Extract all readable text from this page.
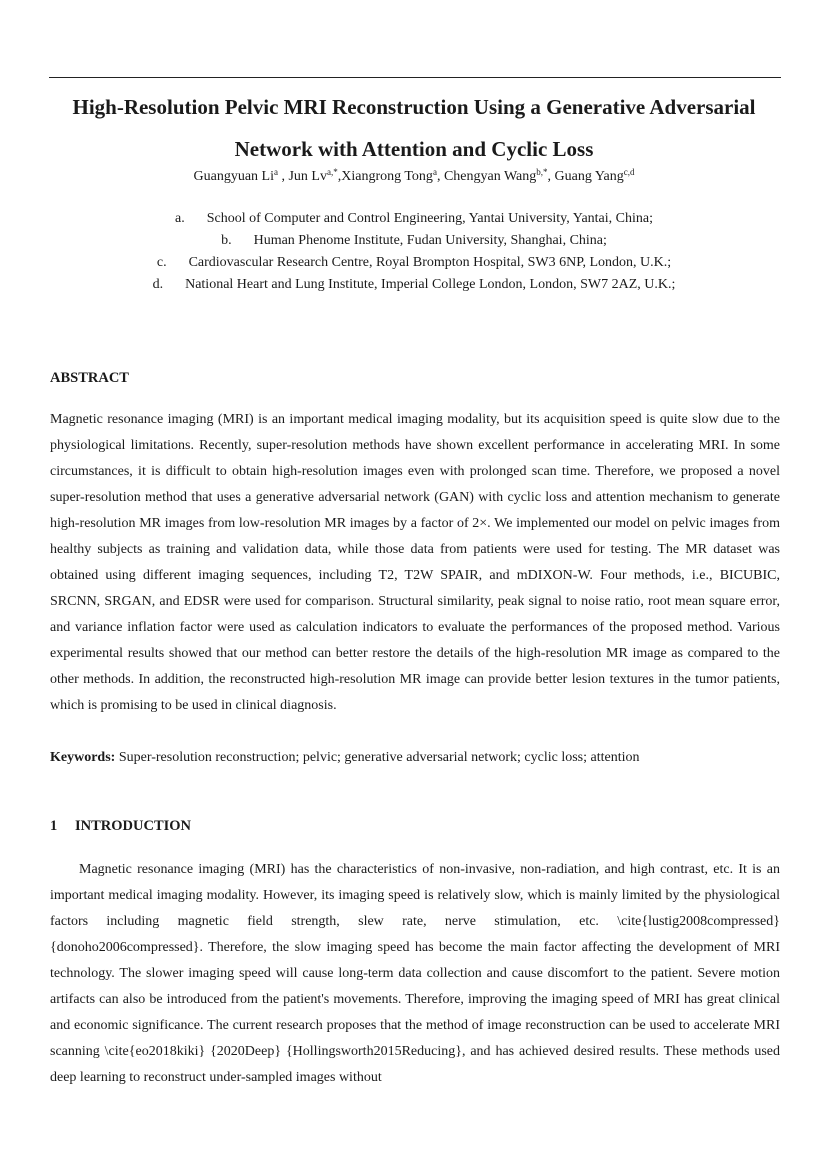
High-Resolution Pelvic MRI Reconstruction Using a Generative Adversarial
Network with Attention and Cyclic Loss
Guangyuan Li$^a$ , Jun $Lv^{a,*},Xiangrong$ Tong$^a$, Chengyan Wang$^{b,*}$, Guang Yang$^{c,d}$
a. School of Computer and Control Engineering, Yantai University, Yantai, China;
b. Human Phenome Institute, Fudan University, Shanghai, China;
c. Cardiovascular Research Centre, Royal Brompton Hospital, SW3 6NP, London, U.K.;
d. National Heart and Lung Institute, Imperial College London, London, SW7 2AZ, U.K.;
ABSTRACT

Magnetic resonance imaging (MRI) is an important medical imaging modality, but its acquisition speed is quite slow due to the physiological limitations. Recently, super-resolution methods have shown excellent performance in accelerating MRI. In some circumstances, it is difficult to obtain high-resolution images even with prolonged scan time. Therefore, we proposed a novel super-resolution method that uses a generative adversarial network (GAN) with cyclic loss and attention mechanism to generate high-resolution MR images from low-resolution MR images by a factor of 2×. We implemented our model on pelvic images from healthy subjects as training and validation data, while those data from patients were used for testing. The MR dataset was obtained using different imaging sequences, including T2, T2W SPAIR, and mDIXON-W. Four methods, i.e., BICUBIC, SRCNN, SRGAN, and EDSR were used for comparison. Structural similarity, peak signal to noise ratio, root mean square error, and variance inflation factor were used as calculation indicators to evaluate the performances of the proposed method. Various experimental results showed that our method can better restore the details of the high-resolution MR image as compared to the other methods. In addition, the reconstructed high-resolution MR image can provide better lesion textures in the tumor patients, which is promising to be used in clinical diagnosis.

Keywords: Super-resolution reconstruction; pelvic; generative adversarial network; cyclic loss; attention

1 INTRODUCTION

Magnetic resonance imaging (MRI) has the characteristics of non-invasive, non-radiation, and high contrast, etc. It is an important medical imaging modality. However, its imaging speed is relatively slow, which is mainly limited by the physiological factors including magnetic field strength, slew rate, nerve stimulation, etc. \cite{lustig2008compressed} {donoho2006compressed}. Therefore, the slow imaging speed has become the main factor affecting the development of MRI technology. The slower imaging speed will cause long-term data collection and cause discomfort to the patient. Severe motion artifacts can also be introduced from the patient's movements. Therefore, improving the imaging speed of MRI has great clinical and economic significance. The current research proposes that the method of image reconstruction can be used to accelerate MRI scanning \cite{eo2018kiki} {2020Deep} {Hollingsworth2015Reducing}, and has achieved desired results. These methods used deep learning to reconstruct under-sampled images without
